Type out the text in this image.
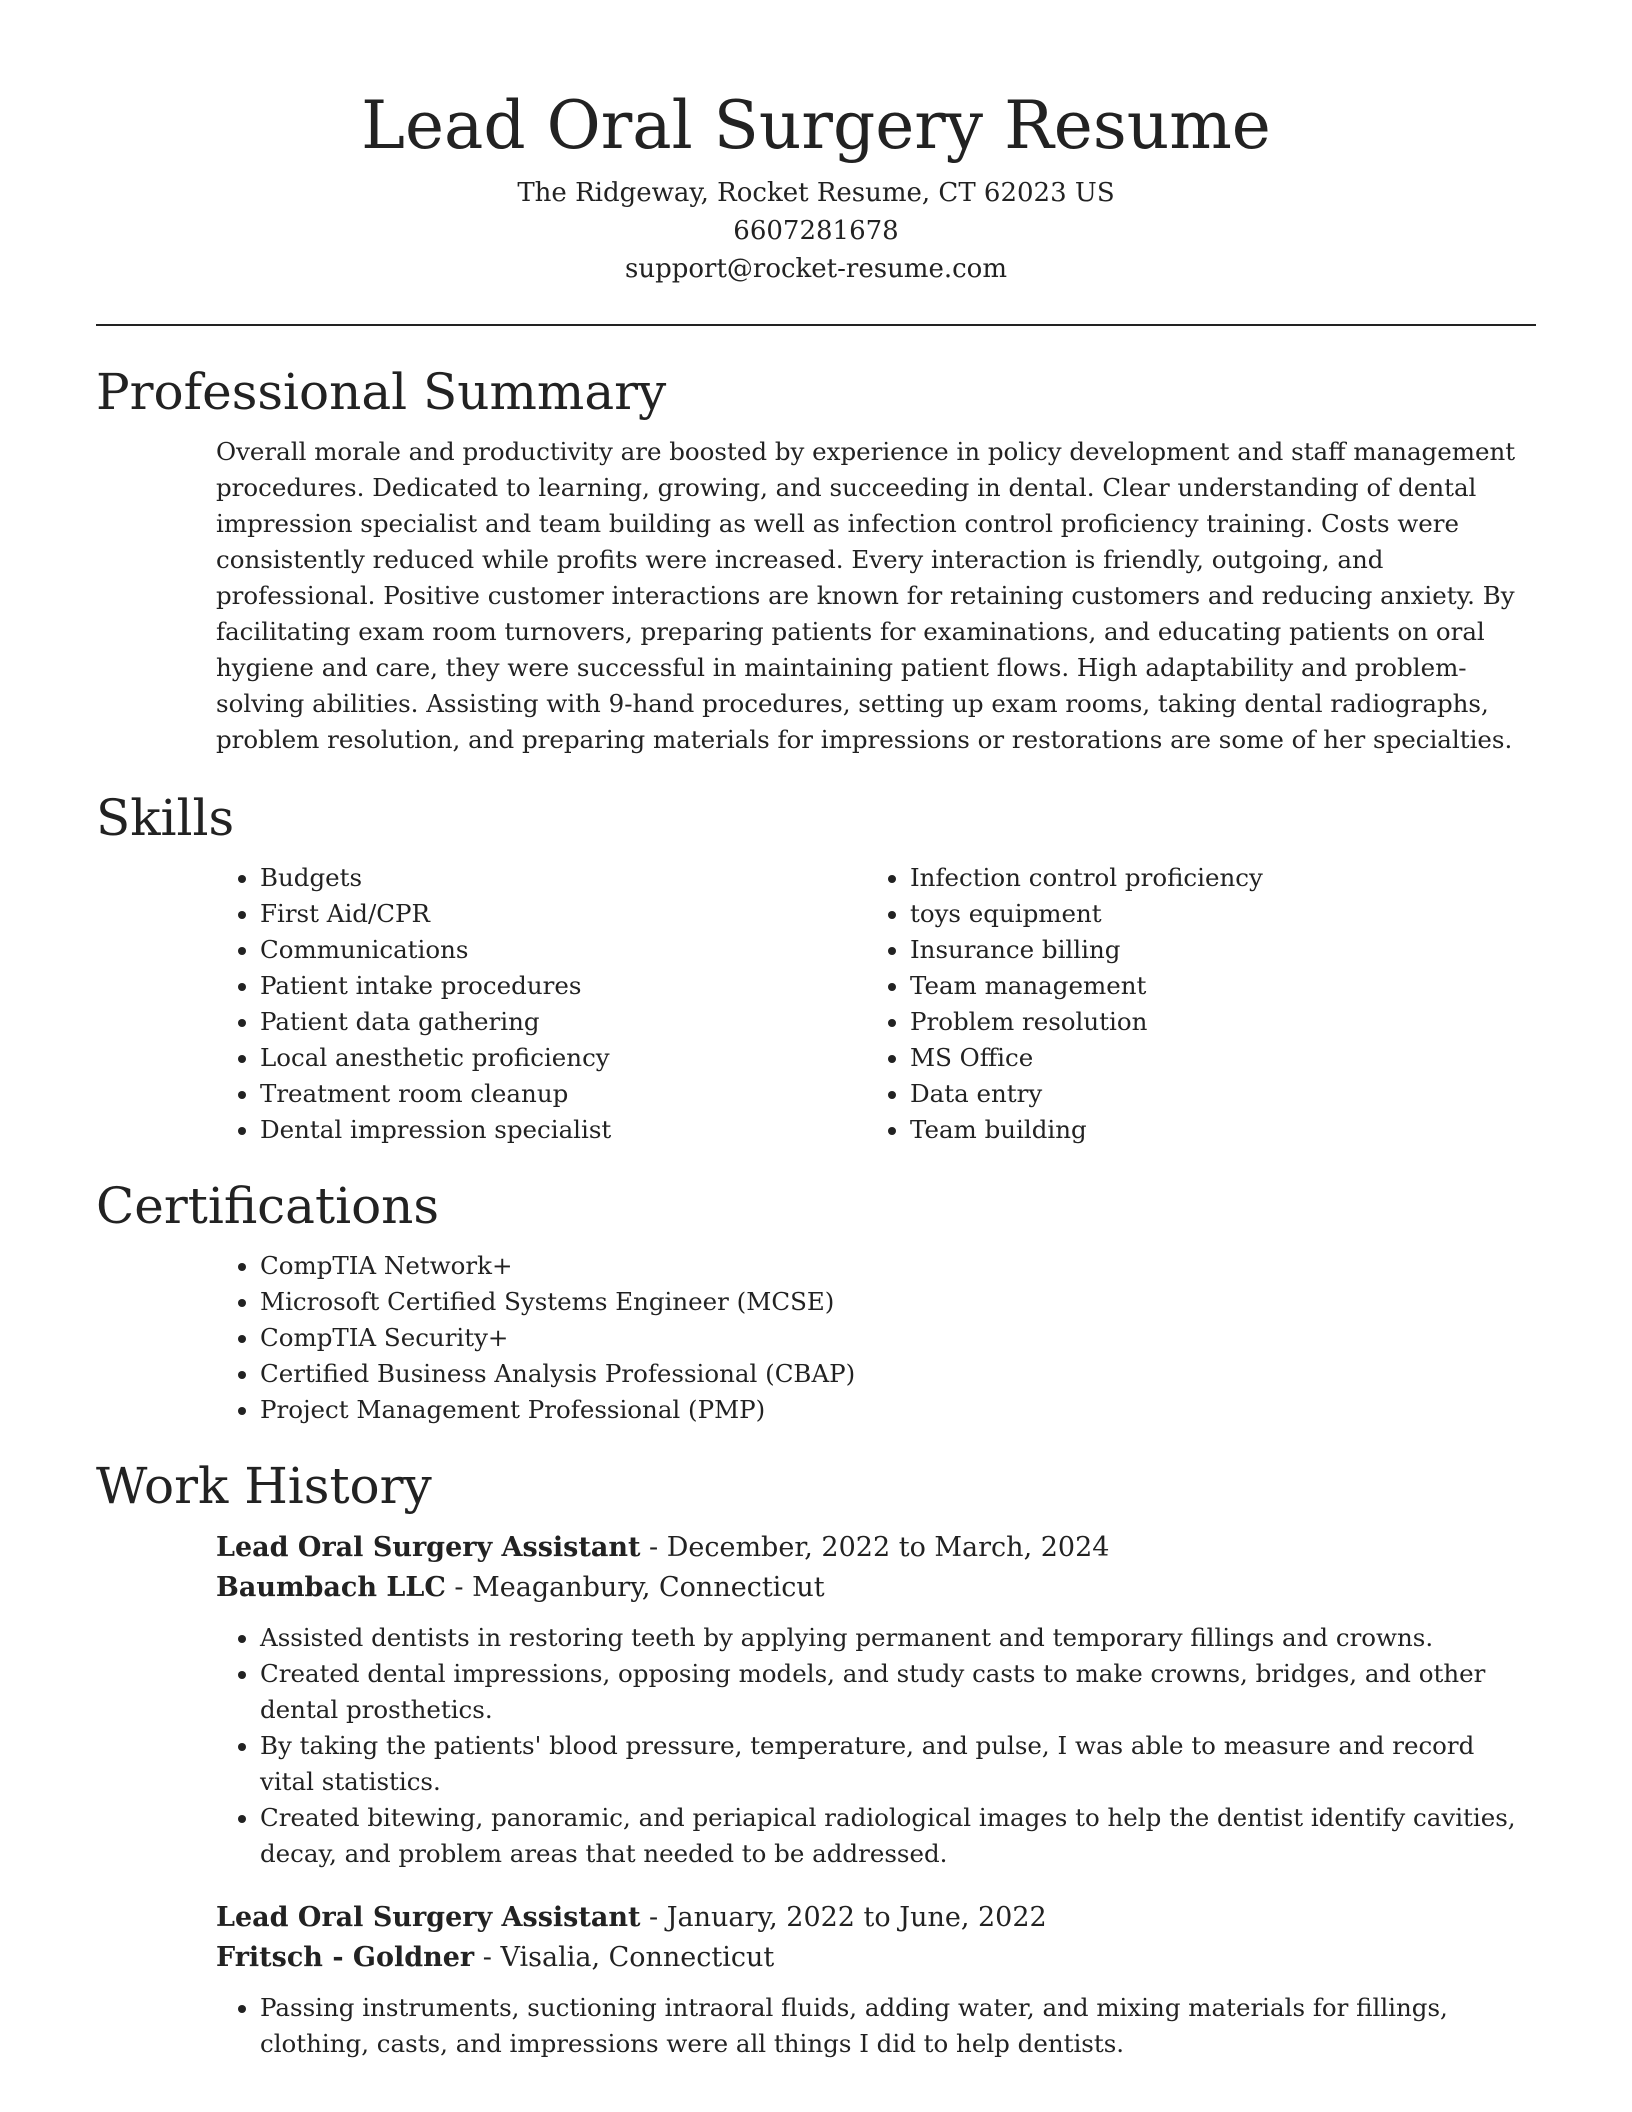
Lead Oral Surgery Resume
The Ridgeway, Rocket Resume, CT 62023 US
6607281678
support@rocket-resume.com
Professional Summary

Overall morale and productivity are boosted by experience in policy development and staff management procedures. Dedicated to learning, growing, and succeeding in dental. Clear understanding of dental impression specialist and team building as well as infection control proficiency training. Costs were consistently reduced while profits were increased. Every interaction is friendly, outgoing, and professional. Positive customer interactions are known for retaining customers and reducing anxiety. By facilitating exam room turnovers, preparing patients for examinations, and educating patients on oral hygiene and care, they were successful in maintaining patient flows. High adaptability and problem-solving abilities. Assisting with 9-hand procedures, setting up exam rooms, taking dental radiographs, problem resolution, and preparing materials for impressions or restorations are some of her specialties.

Skills
• Budgets
• First Aid/CPR
• Communications
• Patient intake procedures
• Patient data gathering
• Local anesthetic proficiency
• Treatment room cleanup
• Dental impression specialist
• Infection control proficiency
• toys equipment
• Insurance billing
• Team management
• Problem resolution
• MS Office
• Data entry
• Team building
Certifications
• CompTIA Network+
• Microsoft Certified Systems Engineer (MCSE)
• CompTIA Security+
• Certified Business Analysis Professional (CBAP)
• Project Management Professional (PMP)
Work History
Lead Oral Surgery Assistant - December, 2022 to March, 2024
Baumbach LLC - Meaganbury, Connecticut
• Assisted dentists in restoring teeth by applying permanent and temporary fillings and crowns.
• Created dental impressions, opposing models, and study casts to make crowns, bridges, and other dental prosthetics.
• By taking the patients' blood pressure, temperature, and pulse, I was able to measure and record vital statistics.
• Created bitewing, panoramic, and periapical radiological images to help the dentist identify cavities, decay, and problem areas that needed to be addressed.
Lead Oral Surgery Assistant - January, 2022 to June, 2022
Fritsch - Goldner - Visalia, Connecticut
• Passing instruments, suctioning intraoral fluids, adding water, and mixing materials for fillings, clothing, casts, and impressions were all things I did to help dentists.
